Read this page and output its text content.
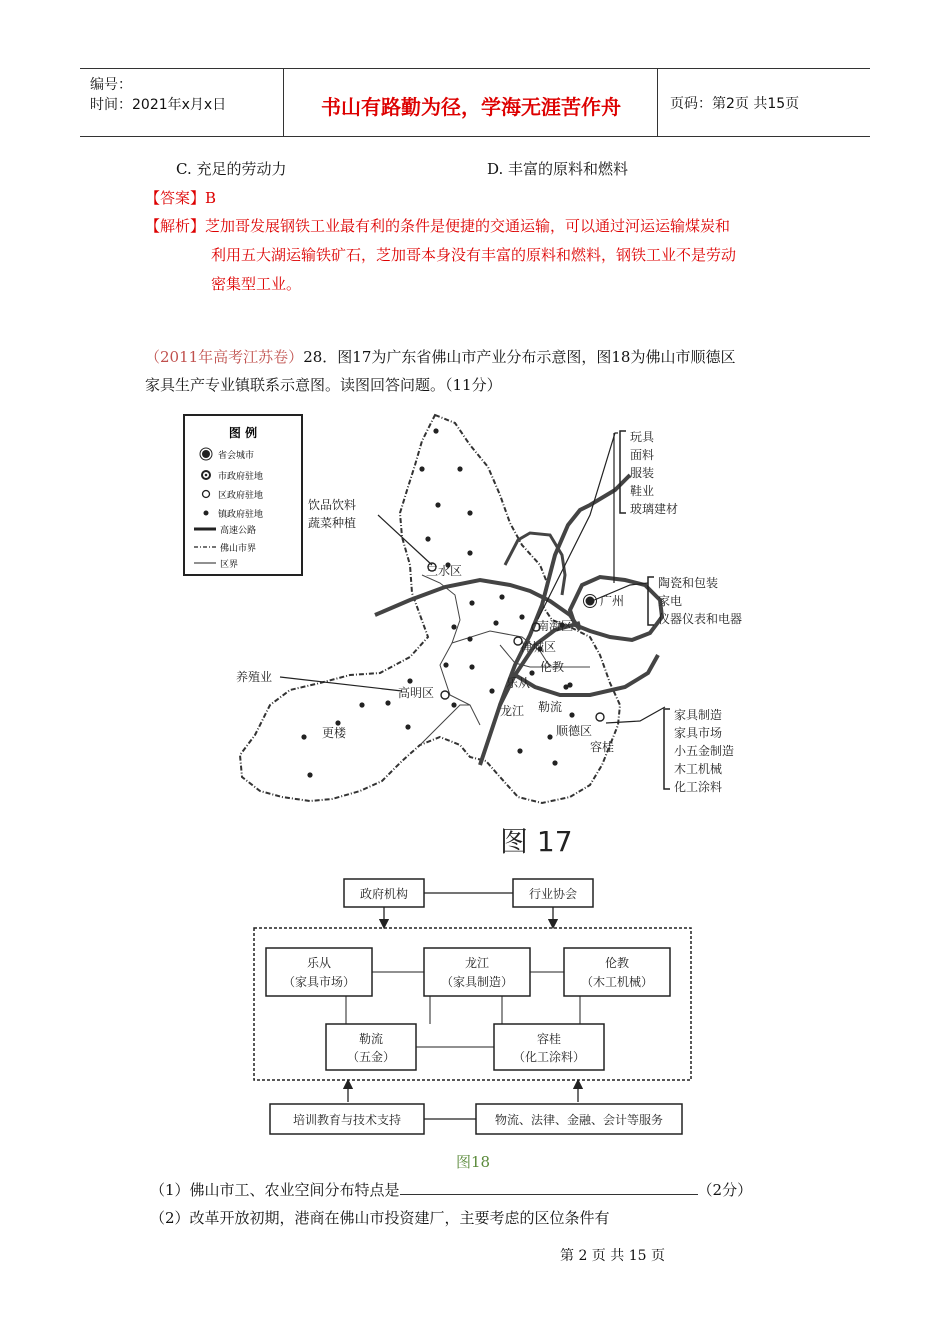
编号：
时间：2021年x月x日	书山有路勤为径，学海无涯苦作舟	页码：第2页 共15页
C. 充足的劳动力	D. 丰富的原料和燃料
【答案】B
【解析】芝加哥发展钢铁工业最有利的条件是便捷的交通运输，可以通过河运运输煤炭和
利用五大湖运输铁矿石，芝加哥本身没有丰富的原料和燃料，钢铁工业不是劳动
密集型工业。
（2011年高考江苏卷）28．图17为广东省佛山市产业分布示意图，图18为佛山市顺德区
家具生产专业镇联系示意图。读图回答问题。（11分）
图 例
省会城市
市政府驻地
区政府驻地
镇政府驻地
高速公路
佛山市界
区界	三水区
广州
南海区
禅城区
伦教
乐从
龙江 勒流
顺德区
容桂
高明区
更楼
养殖业
饮品饮料
蔬菜种植
玩具
面料
服装
鞋业
玻璃建材
陶瓷和包装
家电
仪器仪表和电器
家具制造
家具市场
小五金制造
木工机械
化工涂料
图 17
政府机构	行业协会
乐从
（家具市场）
龙江
（家具制造）
伦教
（木工机械）
勒流
（五金）
容桂
（化工涂料）
培训教育与技术支持	物流、法律、金融、会计等服务
图18
（1）佛山市工、农业空间分布特点是	（2分）
（2）改革开放初期，港商在佛山市投资建厂，主要考虑的区位条件有
第 2 页 共 15 页
